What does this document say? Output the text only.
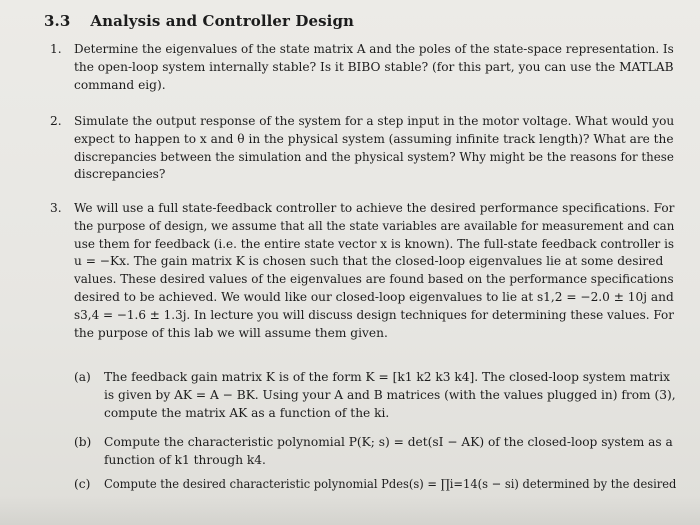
3.3 Analysis and Controller Design
1. Determine the eigenvalues of the state matrix A and the poles of the state-space representation. Is
the open-loop system internally stable? Is it BIBO stable? (for this part, you can use the MATLAB
command eig).
2. Simulate the output response of the system for a step input in the motor voltage. What would you
expect to happen to x and θ in the physical system (assuming infinite track length)? What are the
discrepancies between the simulation and the physical system? Why might be the reasons for these
discrepancies?
3. We will use a full state-feedback controller to achieve the desired performance specifications. For
the purpose of design, we assume that all the state variables are available for measurement and can
use them for feedback (i.e. the entire state vector x is known). The full-state feedback controller is
u = −Kx. The gain matrix K is chosen such that the closed-loop eigenvalues lie at some desired
values. These desired values of the eigenvalues are found based on the performance specifications
desired to be achieved. We would like our closed-loop eigenvalues to lie at s1,2 = −2.0 ± 10j and
s3,4 = −1.6 ± 1.3j. In lecture you will discuss design techniques for determining these values. For
the purpose of this lab we will assume them given.
(a) The feedback gain matrix K is of the form K = [k1 k2 k3 k4]. The closed-loop system matrix
is given by AK = A − BK. Using your A and B matrices (with the values plugged in) from (3),
compute the matrix AK as a function of the ki.
(b) Compute the characteristic polynomial P(K; s) = det(sI − AK) of the closed-loop system as a
function of k1 through k4.
(c) Compute the desired characteristic polynomial Pdes(s) = ∏i=14(s − si) determined by the desired
